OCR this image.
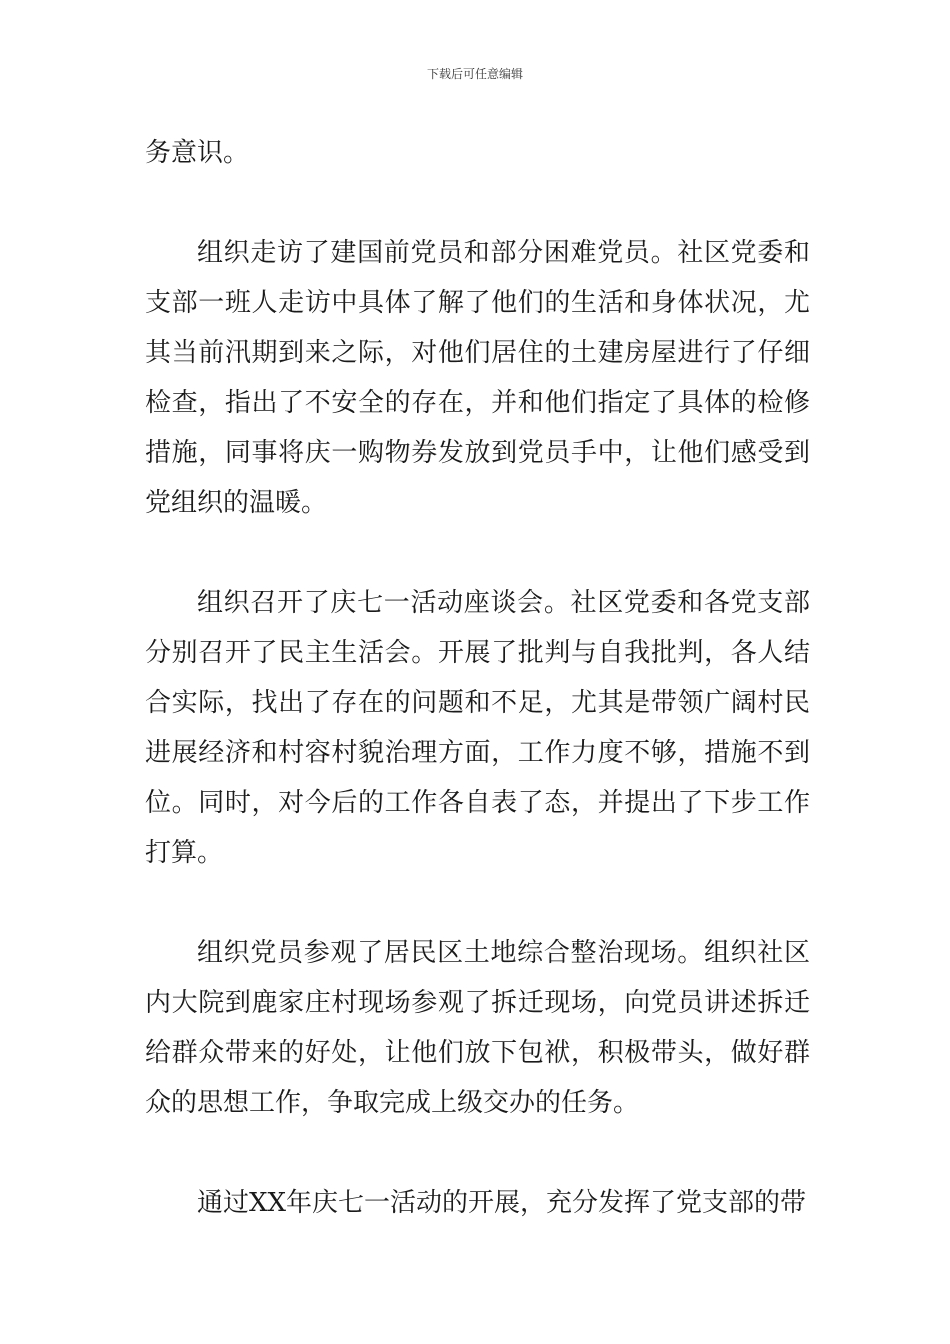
下载后可任意编辑

务意识。

组织走访了建国前党员和部分困难党员。社区党委和支部一班人走访中具体了解了他们的生活和身体状况，尤其当前汛期到来之际，对他们居住的土建房屋进行了仔细检查，指出了不安全的存在，并和他们指定了具体的检修措施，同事将庆一购物券发放到党员手中，让他们感受到党组织的温暖。

组织召开了庆七一活动座谈会。社区党委和各党支部分别召开了民主生活会。开展了批判与自我批判，各人结合实际，找出了存在的问题和不足，尤其是带领广阔村民进展经济和村容村貌治理方面，工作力度不够，措施不到位。同时，对今后的工作各自表了态，并提出了下步工作打算。

组织党员参观了居民区土地综合整治现场。组织社区内大院到鹿家庄村现场参观了拆迁现场，向党员讲述拆迁给群众带来的好处，让他们放下包袱，积极带头，做好群众的思想工作，争取完成上级交办的任务。

通过XX年庆七一活动的开展，充分发挥了党支部的带
